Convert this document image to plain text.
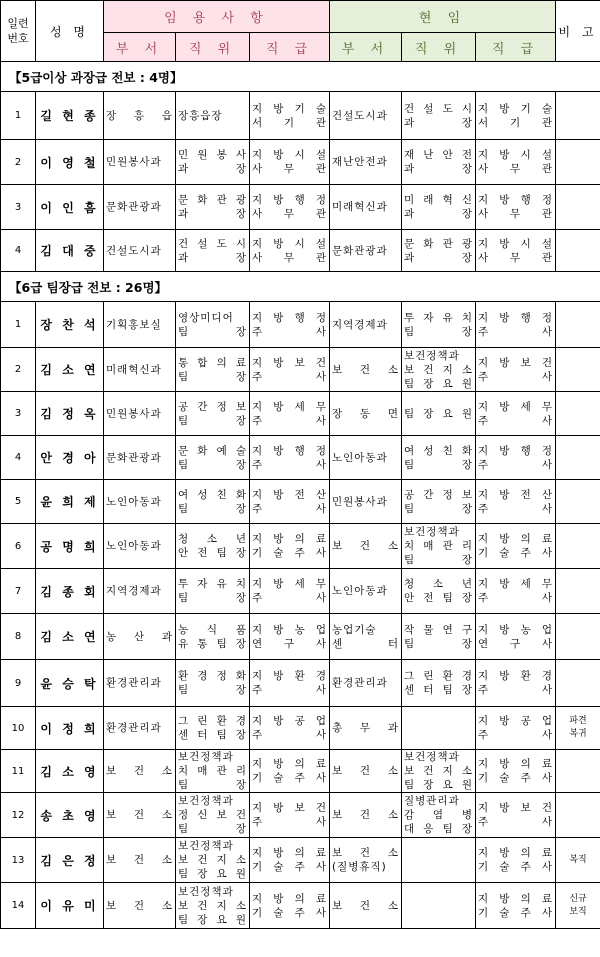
일련
번호	성 명	임 용 사 항			현 임			비 고
		부 서	직 위	직 급	부 서	직 위	직 급	
【5급이상 과장급 전보 : 4명】								
1	길 현 종	장 흥 읍	장흥읍장	지 방 기 술
서 기 관	건설도시과	건 설 도 시
과 장	지 방 기 술
서 기 관	
2	이 영 철	민원봉사과	민 원 봉 사
과 장	지 방 시 설
사 무 관	재난안전과	재 난 안 전
과 장	지 방 시 설
사 무 관	
3	이 인 흠	문화관광과	문 화 관 광
과 장	지 방 행 정
사 무 관	미래혁신과	미 래 혁 신
과 장	지 방 행 정
사 무 관	
4	김 대 중	건설도시과	건 설 도 시
과 장	지 방 시 설
사 무 관	문화관광과	문 화 관 광
과 장	지 방 시 설
사 무 관	
【6급 팀장급 전보 : 26명】								
1	장 찬 석	기획홍보실	영상미디어
팀 장	지 방 행 정
주 사	지역경제과	투 자 유 치
팀 장	지 방 행 정
주 사	
2	김 소 연	미래혁신과	통 합 의 료
팀 장	지 방 보 건
주 사	보 건 소	보건정책과
보 건 지 소
팀 장 요 원	지 방 보 건
주 사	
3	김 정 옥	민원봉사과	공 간 정 보
팀 장	지 방 세 무
주 사	장 동 면	팀 장 요 원	지 방 세 무
주 사	
4	안 경 아	문화관광과	문 화 예 술
팀 장	지 방 행 정
주 사	노인아동과	여 성 친 화
팀 장	지 방 행 정
주 사	
5	윤 희 제	노인아동과	여 성 친 화
팀 장	지 방 전 산
주 사	민원봉사과	공 간 정 보
팀 장	지 방 전 산
주 사	
6	공 명 희	노인아동과	청 소 년
안 전 팀 장	지 방 의 료
기 술 주 사	보 건 소	보건정책과
치 매 관 리
팀 장	지 방 의 료
기 술 주 사	
7	김 종 회	지역경제과	투 자 유 치
팀 장	지 방 세 무
주 사	노인아동과	청 소 년
안 전 팀 장	지 방 세 무
주 사	
8	김 소 연	농 산 과	농 식 품
유 통 팀 장	지 방 농 업
연 구 사	농업기술
센 터	작 물 연 구
팀 장	지 방 농 업
연 구 사	
9	윤 승 탁	환경관리과	환 경 정 화
팀 장	지 방 환 경
주 사	환경관리과	그 린 환 경
센 터 팀 장	지 방 환 경
주 사	
10	이 정 희	환경관리과	그 린 환 경
센 터 팀 장	지 방 공 업
주 사	총 무 과		지 방 공 업
주 사	파견
복귀
11	김 소 영	보 건 소	보건정책과
치 매 관 리
팀 장	지 방 의 료
기 술 주 사	보 건 소	보건정책과
보 건 지 소
팀 장 요 원	지 방 의 료
기 술 주 사	
12	송 초 영	보 건 소	보건정책과
정 신 보 건
팀 장	지 방 보 건
주 사	보 건 소	질병관리과
감 염 병
대 응 팀 장	지 방 보 건
주 사	
13	김 은 정	보 건 소	보건정책과
보 건 지 소
팀 장 요 원	지 방 의 료
기 술 주 사	보 건 소
(질병휴직)		지 방 의 료
기 술 주 사	복직
14	이 유 미	보 건 소	보건정책과
보 건 지 소
팀 장 요 원	지 방 의 료
기 술 주 사	보 건 소		지 방 의 료
기 술 주 사	신규
보직
